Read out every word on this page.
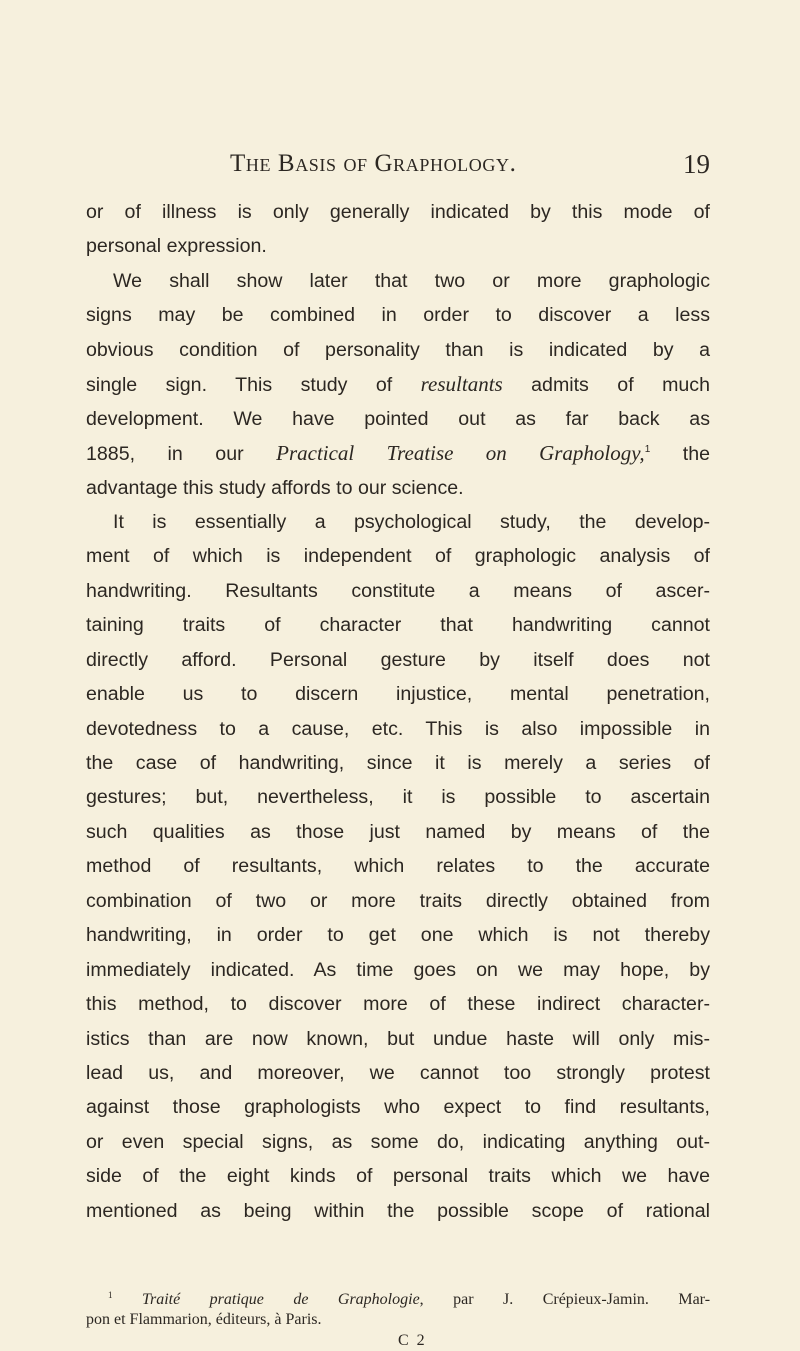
The Basis of Graphology.	19
or of illness is only generally indicated by this mode of
personal expression.
We shall show later that two or more graphologic
signs may be combined in order to discover a less
obvious condition of personality than is indicated by a
single sign. This study of resultants admits of much
development. We have pointed out as far back as
1885, in our Practical Treatise on Graphology,$^1$ the
advantage this study affords to our science.
It is essentially a psychological study, the develop-
ment of which is independent of graphologic analysis of
handwriting. Resultants constitute a means of ascer-
taining traits of character that handwriting cannot
directly afford. Personal gesture by itself does not
enable us to discern injustice, mental penetration,
devotedness to a cause, etc. This is also impossible in
the case of handwriting, since it is merely a series of
gestures; but, nevertheless, it is possible to ascertain
such qualities as those just named by means of the
method of resultants, which relates to the accurate
combination of two or more traits directly obtained from
handwriting, in order to get one which is not thereby
immediately indicated. As time goes on we may hope, by
this method, to discover more of these indirect character-
istics than are now known, but undue haste will only mis-
lead us, and moreover, we cannot too strongly protest
against those graphologists who expect to find resultants,
or even special signs, as some do, indicating anything out-
side of the eight kinds of personal traits which we have
mentioned as being within the possible scope of rational
$^1$ Traité pratique de Graphologie, par J. Crépieux-Jamin. Mar-
pon et Flammarion, éditeurs, à Paris.
C 2
